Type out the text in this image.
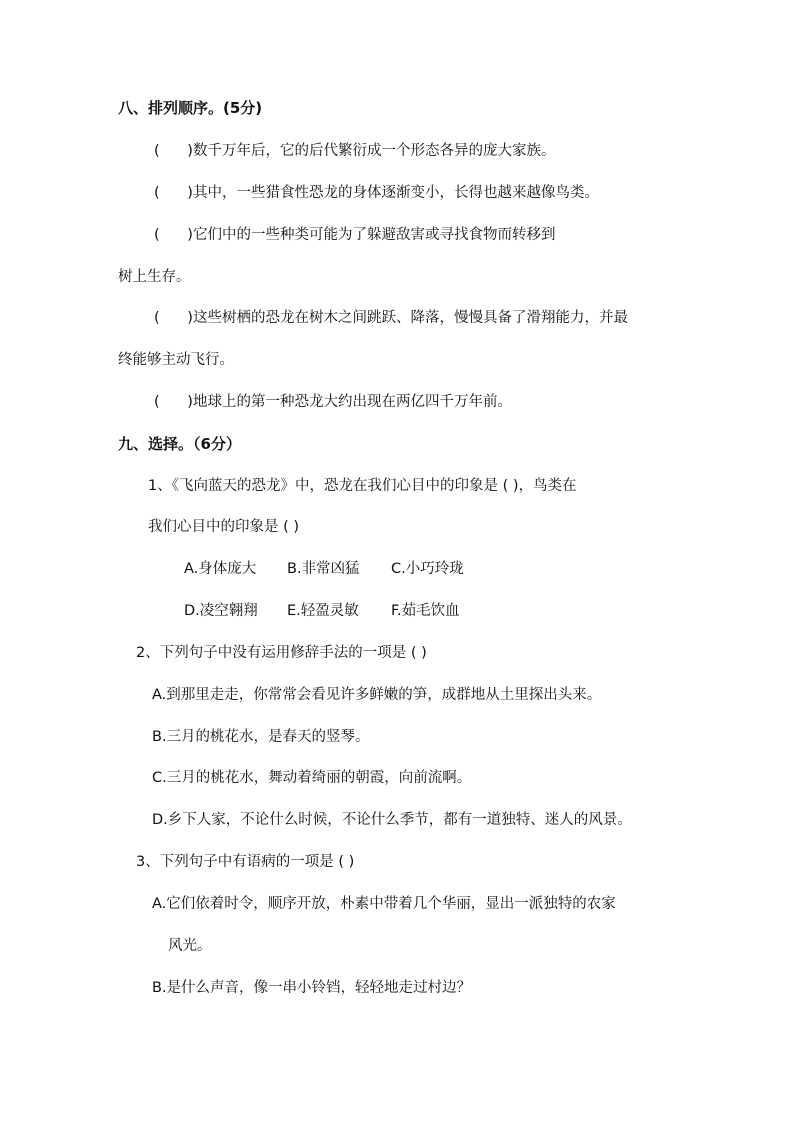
八、排列顺序。(5分)
(      )数千万年后，它的后代繁衍成一个形态各异的庞大家族。
(      )其中，一些猎食性恐龙的身体逐渐变小，长得也越来越像鸟类。
(      )它们中的一些种类可能为了躲避敌害或寻找食物而转移到
树上生存。
(      )这些树栖的恐龙在树木之间跳跃、降落，慢慢具备了滑翔能力，并最
终能够主动飞行。
(      )地球上的第一种恐龙大约出现在两亿四千万年前。
九、选择。（6分）
1、《飞向蓝天的恐龙》中，恐龙在我们心目中的印象是 ( )，鸟类在
我们心目中的印象是 ( )
A.身体庞大 B.非常凶猛 C.小巧玲珑
D.凌空翱翔 E.轻盈灵敏 F.茹毛饮血
2、下列句子中没有运用修辞手法的一项是 ( )
A.到那里走走，你常常会看见许多鲜嫩的笋，成群地从土里探出头来。
B.三月的桃花水，是春天的竖琴。
C.三月的桃花水，舞动着绮丽的朝霞，向前流啊。
D.乡下人家，不论什么时候，不论什么季节，都有一道独特、迷人的风景。
3、下列句子中有语病的一项是 ( )
A.它们依着时令，顺序开放，朴素中带着几个华丽，显出一派独特的农家
风光。
B.是什么声音，像一串小铃铛，轻轻地走过村边？
